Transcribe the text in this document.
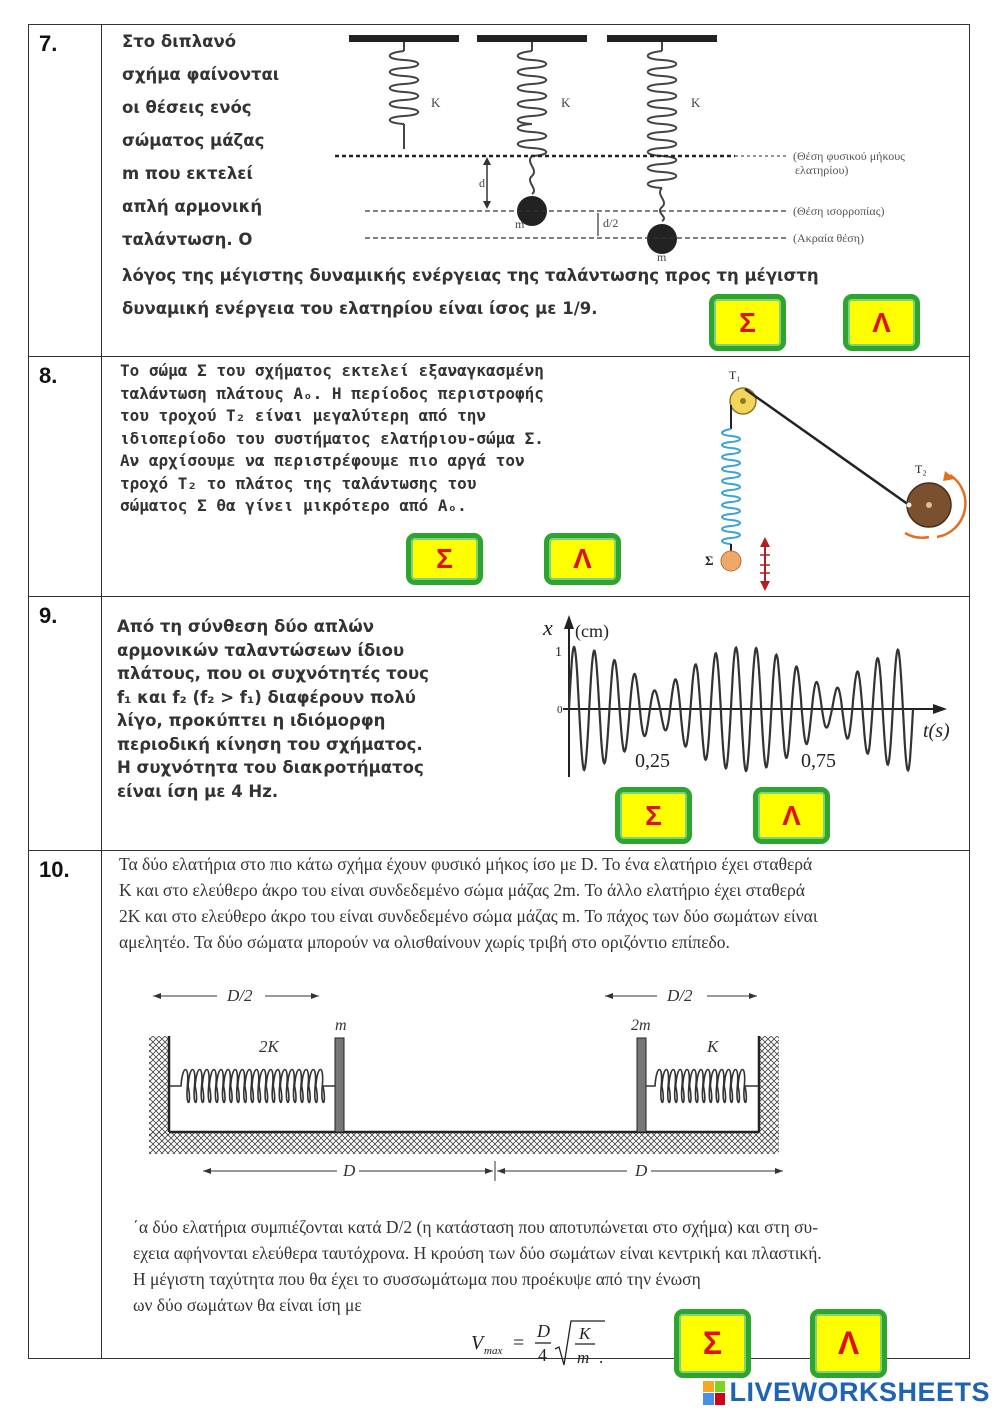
7.	Στο διπλανό
σχήμα φαίνονται
οι θέσεις ενός
σώματος μάζας
m που εκτελεί
απλή αρμονική
ταλάντωση. Ο
λόγος της μέγιστης δυναμικής ενέργειας της ταλάντωσης προς τη μέγιστη
δυναμική ενέργεια του ελατηρίου είναι ίσος με 1/9.
K	K	K
d
d/2
m
m
(Θέση φυσικού μήκους
ελατηρίου)
(Θέση ισορροπίας)
(Ακραία θέση)
Σ	Λ
8.	Το σώμα Σ του σχήματος εκτελεί εξαναγκασμένη
ταλάντωση πλάτους Αₒ. Η περίοδος περιστροφής
του τροχού Τ₂ είναι μεγαλύτερη από την
ιδιοπερίοδο του συστήματος ελατήριου-σώμα Σ.
Αν αρχίσουμε να περιστρέφουμε πιο αργά τον
τροχό Τ₂ το πλάτος της ταλάντωσης του
σώματος Σ θα γίνει μικρότερο από Αₒ.
T₁
Σ
T₂
Σ	Λ
9.	Από τη σύνθεση δύο απλών
αρμονικών ταλαντώσεων ίδιου
πλάτους, που οι συχνότητές τους
f₁ και f₂ (f₂ > f₁) διαφέρουν πολύ
λίγο, προκύπτει η ιδιόμορφη
περιοδική κίνηση του σχήματος.
Η συχνότητα του διακροτήματος
είναι ίση με 4 Hz.
x (cm)
1
0
t(s)
0,25	0,75
Σ	Λ
10.	Τα δύο ελατήρια στο πιο κάτω σχήμα έχουν φυσικό μήκος ίσο με D. Το ένα ελατήριο έχει σταθερά
K και στο ελεύθερο άκρο του είναι συνδεδεμένο σώμα μάζας 2m. Το άλλο ελατήριο έχει σταθερά
2K και στο ελεύθερο άκρο του είναι συνδεδεμένο σώμα μάζας m. Το πάχος των δύο σωμάτων είναι
αμελητέο. Τα δύο σώματα μπορούν να ολισθαίνουν χωρίς τριβή στο οριζόντιο επίπεδο.
D/2	D/2
m
2K
2m
K
D	D
΄α δύο ελατήρια συμπιέζονται κατά D/2 (η κατάσταση που αποτυπώνεται στο σχήμα) και στη συ-
εχεια αφήνονται ελεύθερα ταυτόχρονα. Η κρούση των δύο σωμάτων είναι κεντρική και πλαστική.
Η μέγιστη ταχύτητα που θα έχει το συσσωμάτωμα που προέκυψε από την ένωση
ων δύο σωμάτων θα είναι ίση με
V max =
D
4
K
m .	Σ	Λ
LIVEWORKSHEETS
